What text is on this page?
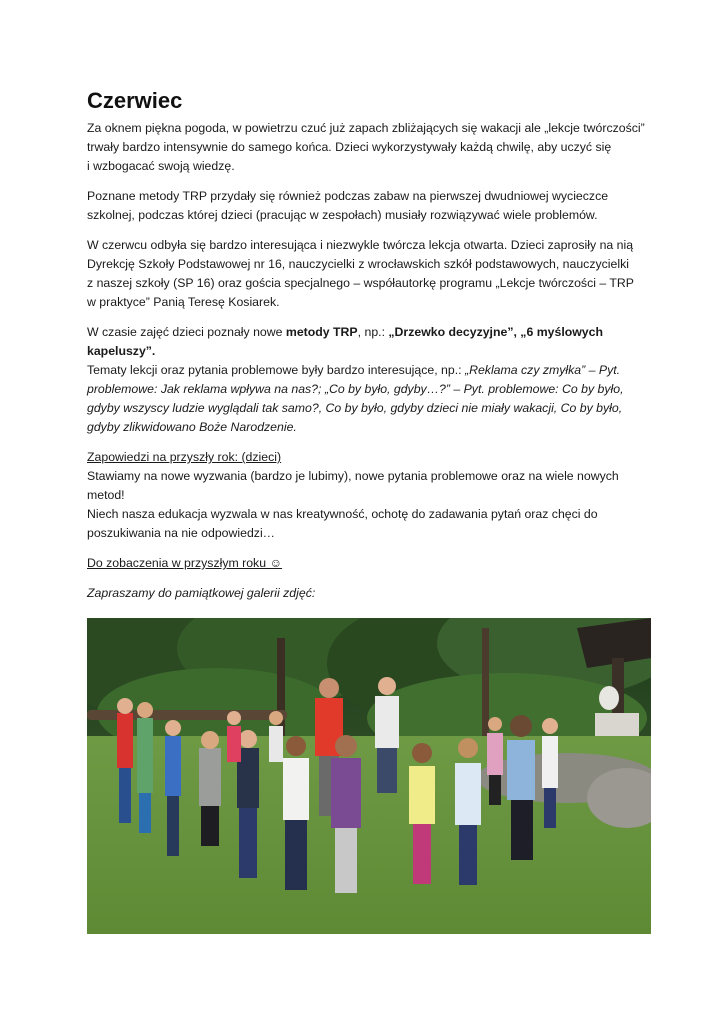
Czerwiec

Za oknem piękna pogoda, w powietrzu czuć już zapach zbliżających się wakacji ale „lekcje twórczości”
trwały bardzo intensywnie do samego końca. Dzieci wykorzystywały każdą chwilę, aby uczyć się
i wzbogacać swoją wiedzę.

Poznane metody TRP przydały się również podczas zabaw na pierwszej dwudniowej wycieczce
szkolnej, podczas której dzieci (pracując w zespołach) musiały rozwiązywać wiele problemów.

W czerwcu odbyła się bardzo interesująca i niezwykle twórcza lekcja otwarta. Dzieci zaprosiły na nią
Dyrekcję Szkoły Podstawowej nr 16, nauczycielki z wrocławskich szkół podstawowych, nauczycielki
z naszej szkoły (SP 16) oraz gościa specjalnego – współautorkę programu „Lekcje twórczości – TRP
w praktyce” Panią Teresę Kosiarek.

W czasie zajęć dzieci poznały nowe metody TRP, np.: „Drzewko decyzyjne”, „6 myślowych
kapeluszy”.
Tematy lekcji oraz pytania problemowe były bardzo interesujące, np.: „Reklama czy zmyłka” – Pyt.
problemowe: Jak reklama wpływa na nas?; „Co by było, gdyby…?” – Pyt. problemowe: Co by było,
gdyby wszyscy ludzie wyglądali tak samo?, Co by było, gdyby dzieci nie miały wakacji, Co by było,
gdyby zlikwidowano Boże Narodzenie.

Zapowiedzi na przyszły rok: (dzieci)
Stawiamy na nowe wyzwania (bardzo je lubimy), nowe pytania problemowe oraz na wiele nowych
metod!
Niech nasza edukacja wyzwala w nas kreatywność, ochotę do zadawania pytań oraz chęci do
poszukiwania na nie odpowiedzi…

Do zobaczenia w przyszłym roku ☺

Zapraszamy do pamiątkowej galerii zdjęć:
